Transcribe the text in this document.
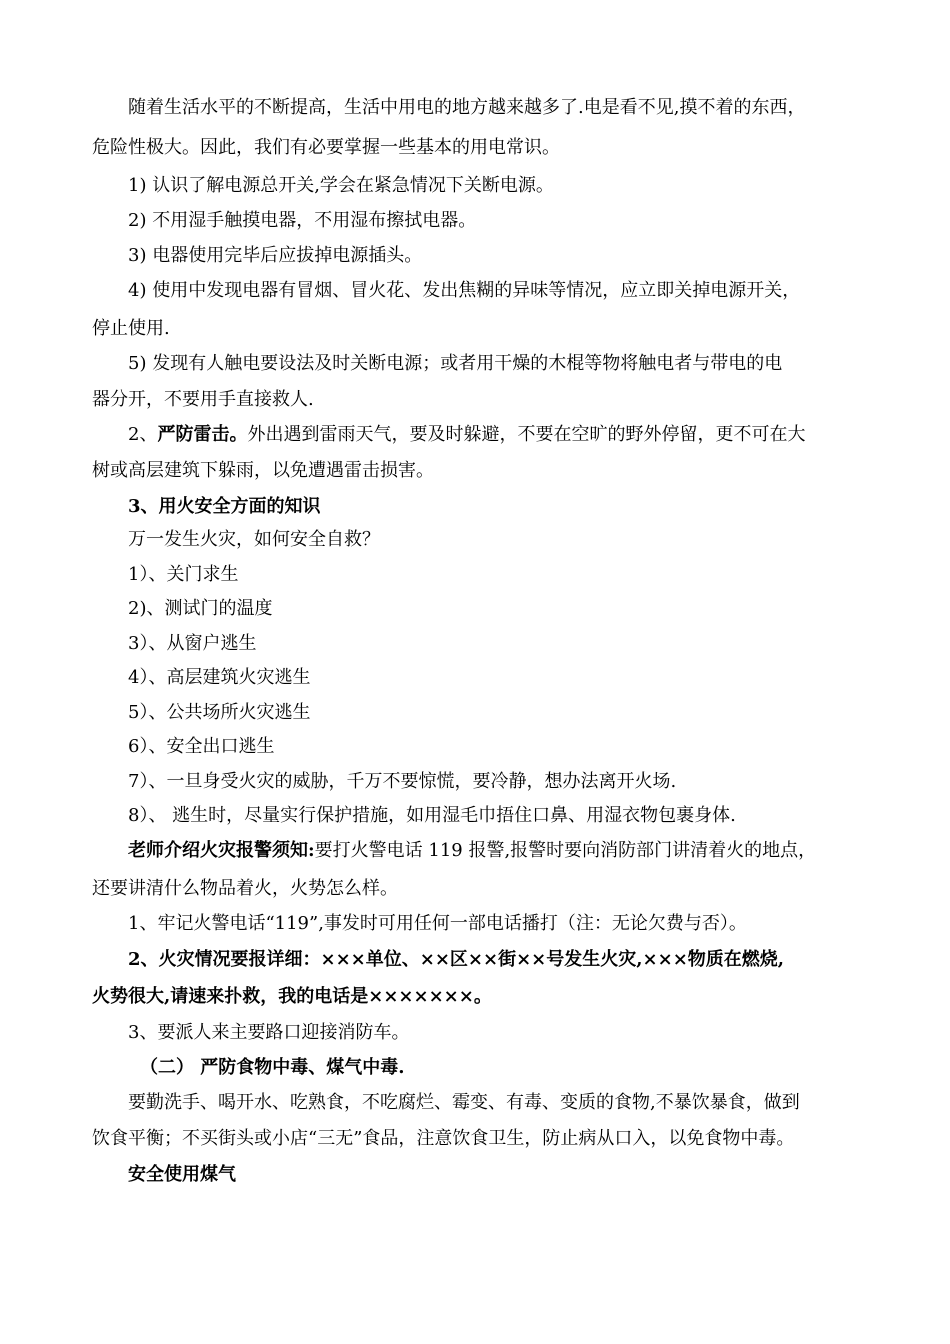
随着生活水平的不断提高，生活中用电的地方越来越多了.电是看不见,摸不着的东西，
危险性极大。因此，我们有必要掌握一些基本的用电常识。
1) 认识了解电源总开关,学会在紧急情况下关断电源。
2) 不用湿手触摸电器，不用湿布擦拭电器。
3) 电器使用完毕后应拔掉电源插头。
4) 使用中发现电器有冒烟、冒火花、发出焦糊的异味等情况，应立即关掉电源开关，
停止使用.
5) 发现有人触电要设法及时关断电源；或者用干燥的木棍等物将触电者与带电的电
器分开，不要用手直接救人.
2、严防雷击。外出遇到雷雨天气，要及时躲避，不要在空旷的野外停留，更不可在大
树或高层建筑下躲雨，以免遭遇雷击损害。
3、用火安全方面的知识
万一发生火灾，如何安全自救？
1）、关门求生
2)、测试门的温度
3）、从窗户逃生
4）、高层建筑火灾逃生
5）、公共场所火灾逃生
6）、安全出口逃生
7）、一旦身受火灾的威胁，千万不要惊慌，要冷静，想办法离开火场.
8）、 逃生时，尽量实行保护措施，如用湿毛巾捂住口鼻、用湿衣物包裹身体.
老师介绍火灾报警须知:要打火警电话 119 报警,报警时要向消防部门讲清着火的地点，
还要讲清什么物品着火，火势怎么样。
1、牢记火警电话“119”,事发时可用任何一部电话播打（注：无论欠费与否）。
2、火灾情况要报详细：×××单位、××区××街××号发生火灾,×××物质在燃烧,
火势很大,请速来扑救，我的电话是×××××××。
3、要派人来主要路口迎接消防车。
（二） 严防食物中毒、煤气中毒.
要勤洗手、喝开水、吃熟食，不吃腐烂、霉变、有毒、变质的食物,不暴饮暴食，做到
饮食平衡；不买街头或小店“三无”食品，注意饮食卫生，防止病从口入，以免食物中毒。
安全使用煤气
